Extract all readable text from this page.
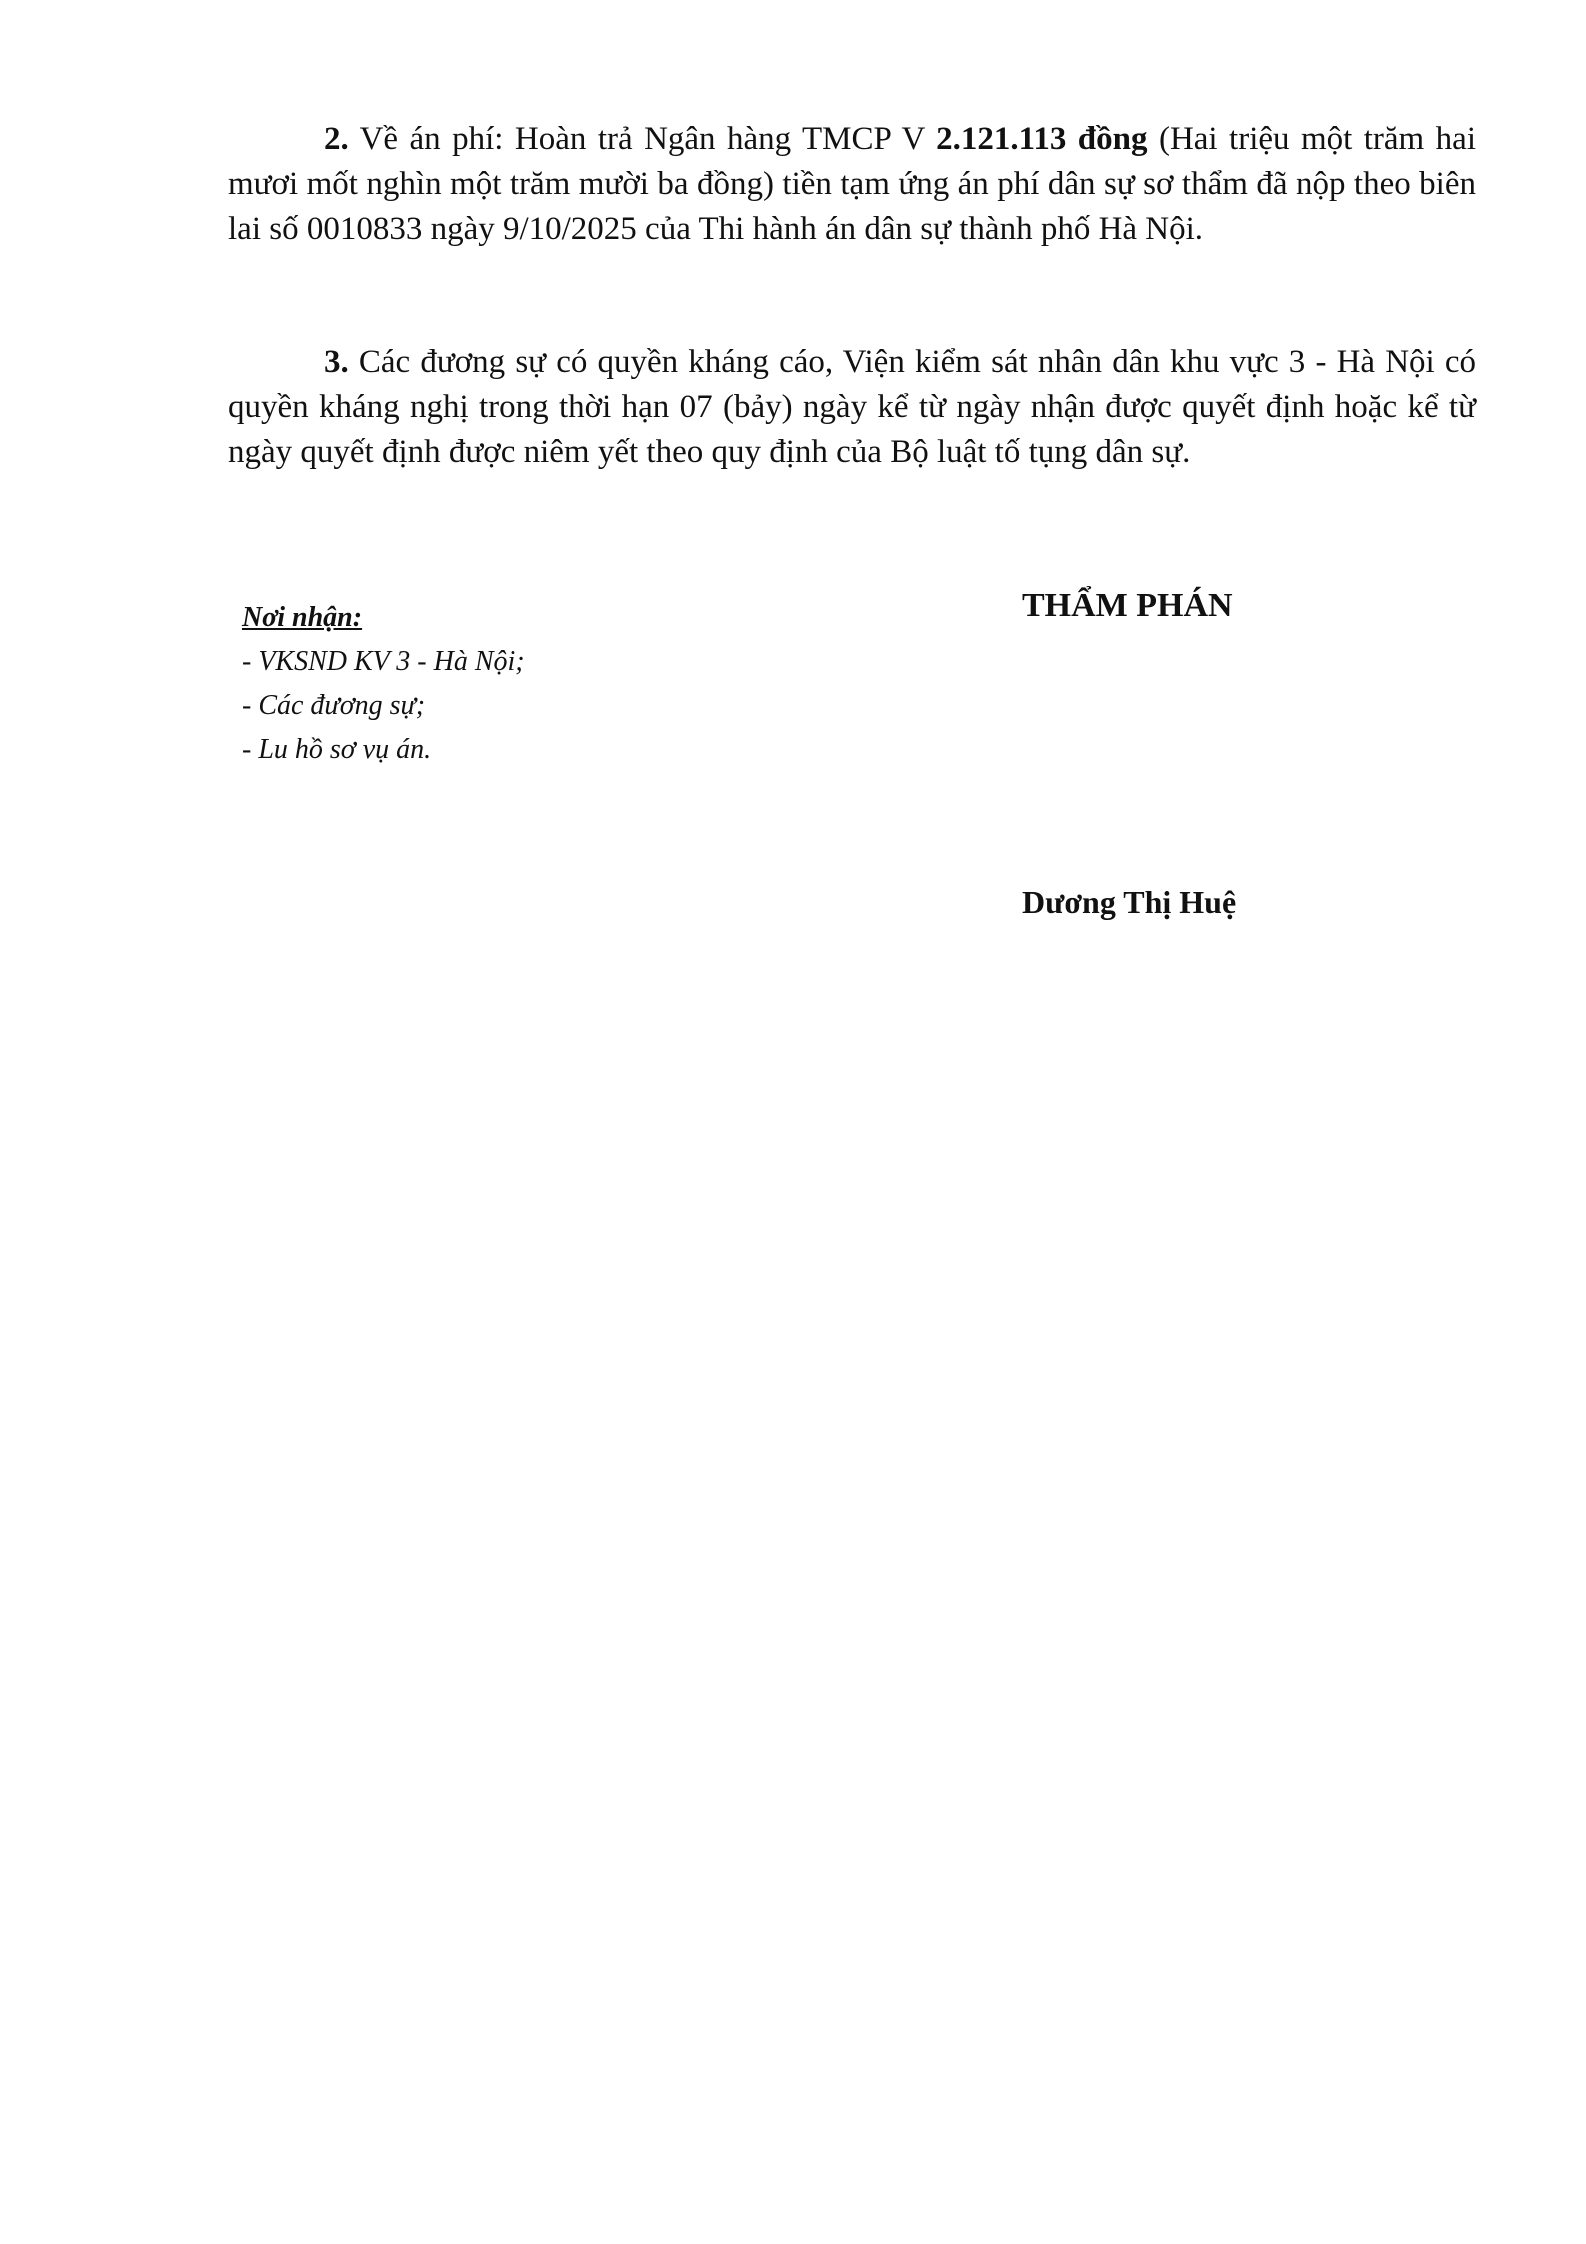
2. Về án phí: Hoàn trả Ngân hàng TMCP V 2.121.113 đồng (Hai triệu một trăm hai mươi mốt nghìn một trăm mười ba đồng) tiền tạm ứng án phí dân sự sơ thẩm đã nộp theo biên lai số 0010833 ngày 9/10/2025 của Thi hành án dân sự thành phố Hà Nội.

3. Các đương sự có quyền kháng cáo, Viện kiểm sát nhân dân khu vực 3 - Hà Nội có quyền kháng nghị trong thời hạn 07 (bảy) ngày kể từ ngày nhận được quyết định hoặc kể từ ngày quyết định được niêm yết theo quy định của Bộ luật tố tụng dân sự.

Nơi nhận:
- VKSND KV 3 - Hà Nội;
- Các đương sự;
- Lu hồ sơ vụ án.
THẨM PHÁN
Dương Thị Huệ
